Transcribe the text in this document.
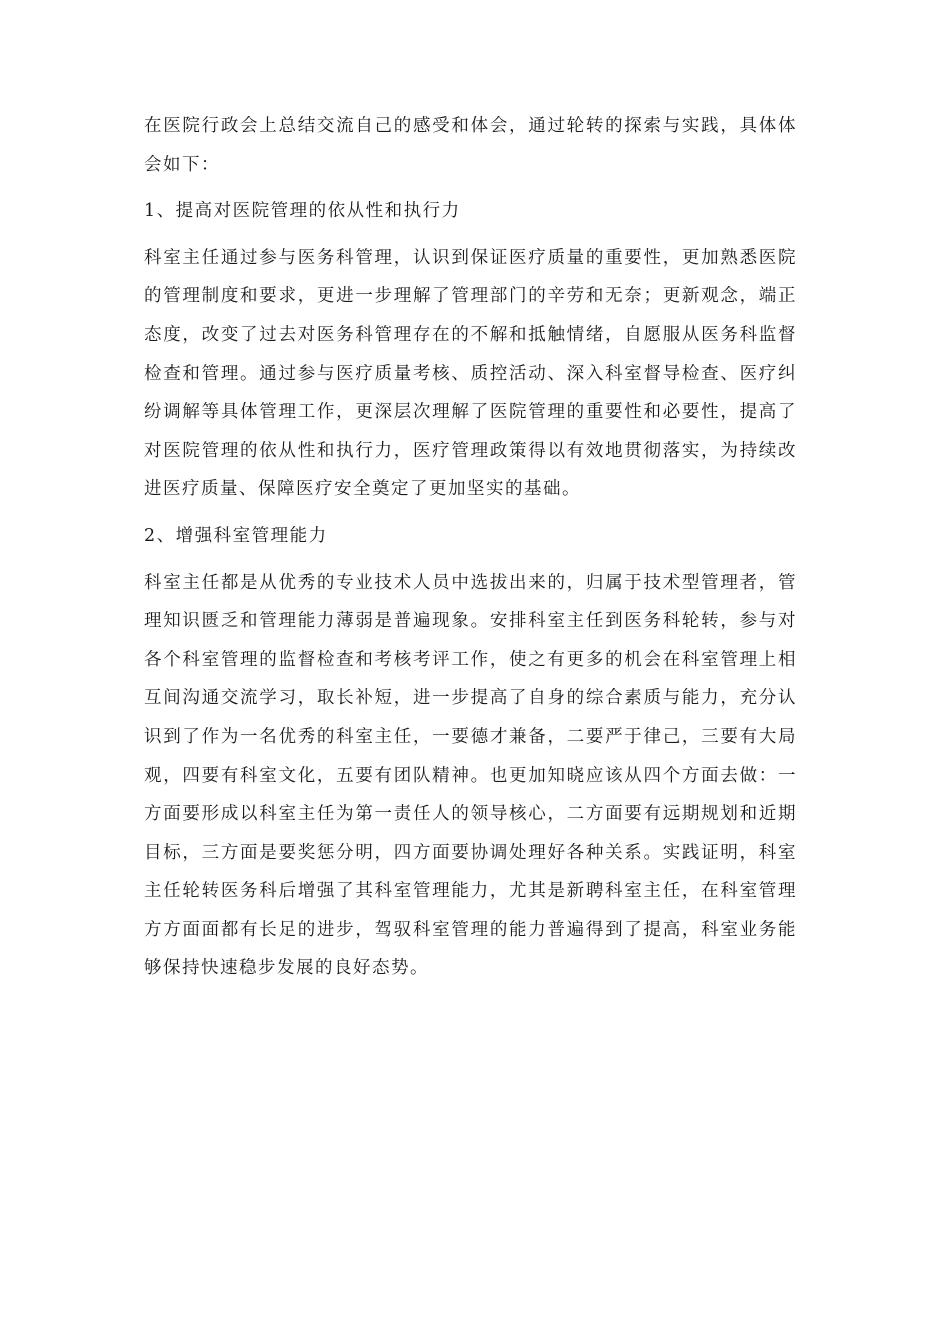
在医院行政会上总结交流自己的感受和体会，通过轮转的探索与实践，具体体会如下：

1、提高对医院管理的依从性和执行力

科室主任通过参与医务科管理，认识到保证医疗质量的重要性，更加熟悉医院的管理制度和要求，更进一步理解了管理部门的辛劳和无奈；更新观念，端正态度，改变了过去对医务科管理存在的不解和抵触情绪，自愿服从医务科监督检查和管理。通过参与医疗质量考核、质控活动、深入科室督导检查、医疗纠纷调解等具体管理工作，更深层次理解了医院管理的重要性和必要性，提高了对医院管理的依从性和执行力，医疗管理政策得以有效地贯彻落实，为持续改进医疗质量、保障医疗安全奠定了更加坚实的基础。

2、增强科室管理能力

科室主任都是从优秀的专业技术人员中选拔出来的，归属于技术型管理者，管理知识匮乏和管理能力薄弱是普遍现象。安排科室主任到医务科轮转，参与对各个科室管理的监督检查和考核考评工作，使之有更多的机会在科室管理上相互间沟通交流学习，取长补短，进一步提高了自身的综合素质与能力，充分认识到了作为一名优秀的科室主任，一要德才兼备，二要严于律己，三要有大局观，四要有科室文化，五要有团队精神。也更加知晓应该从四个方面去做：一方面要形成以科室主任为第一责任人的领导核心，二方面要有远期规划和近期目标，三方面是要奖惩分明，四方面要协调处理好各种关系。实践证明，科室主任轮转医务科后增强了其科室管理能力，尤其是新聘科室主任，在科室管理方方面面都有长足的进步，驾驭科室管理的能力普遍得到了提高，科室业务能够保持快速稳步发展的良好态势。
